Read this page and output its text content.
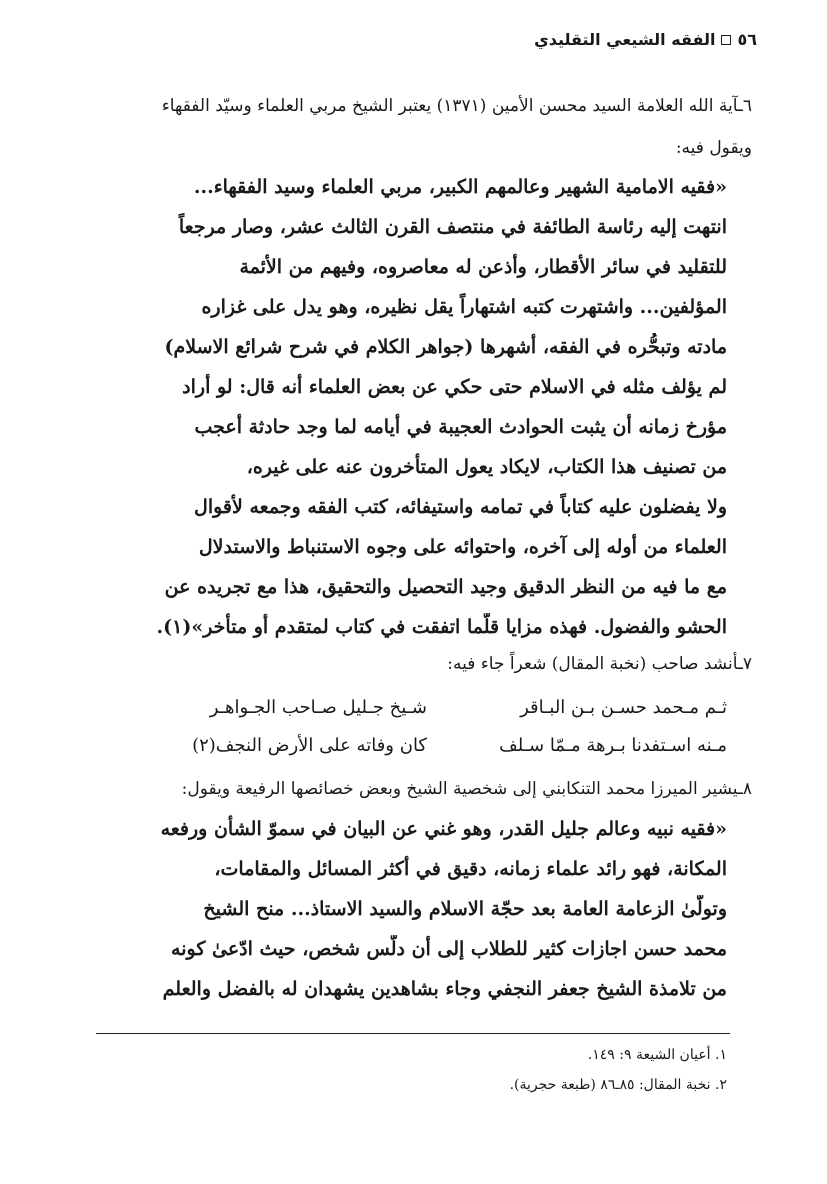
٥٦
الفقه الشيعي التقليدي
٦ـآية الله العلامة السيد محسن الأمين (١٣٧١) يعتبر الشيخ مربي العلماء وسيّد الفقهاء
ويقول فيه:
«فقيه الامامية الشهير وعالمهم الكبير، مربي العلماء وسيد الفقهاء...
انتهت إليه رئاسة الطائفة في منتصف القرن الثالث عشر، وصار مرجعاً
للتقليد في سائر الأقطار، وأذعن له معاصروه، وفيهم من الأئمة
المؤلفين... واشتهرت كتبه اشتهاراً يقل نظيره، وهو يدل على غزاره
مادته وتبحُّره في الفقه، أشهرها (جواهر الكلام في شرح شرائع الاسلام)
لم يؤلف مثله في الاسلام حتى حكي عن بعض العلماء أنه قال: لو أراد
مؤرخ زمانه أن يثبت الحوادث العجيبة في أيامه لما وجد حادثة أعجب
من تصنيف هذا الكتاب، لايكاد يعول المتأخرون عنه على غيره،
ولا يفضلون عليه كتاباً في تمامه واستيفائه، كتب الفقه وجمعه لأقوال
العلماء من أوله إلى آخره، واحتوائه على وجوه الاستنباط والاستدلال
مع ما فيه من النظر الدقيق وجيد التحصيل والتحقيق، هذا مع تجريده عن
الحشو والفضول. فهذه مزايا قلَّما اتفقت في كتاب لمتقدم أو متأخر»(١).
٧ـأنشد صاحب (نخبة المقال) شعراً جاء فيه:
ثـم مـحمد حسـن بـن البـاقر
شـيخ جـليل صـاحب الجـواهـر
مـنه اسـتفدنا بـرهة مـمّا سـلف
كان وفاته على الأرض النجف(٢)
٨ـيشير الميرزا محمد التنكابني إلى شخصية الشيخ وبعض خصائصها الرفيعة ويقول:
«فقيه نبيه وعالم جليل القدر، وهو غني عن البيان في سموّ الشأن ورفعه
المكانة، فهو رائد علماء زمانه، دقيق في أكثر المسائل والمقامات،
وتولّىٰ الزعامة العامة بعد حجّة الاسلام والسيد الاستاذ... منح الشيخ
محمد حسن اجازات كثير للطلاب إلى أن دلّس شخص، حيث ادّعىٰ كونه
من تلامذة الشيخ جعفر النجفي وجاء بشاهدين يشهدان له بالفضل والعلم
١. أعيان الشيعة ٩: ١٤٩.
٢. نخبة المقال: ٨٥ـ٨٦ (طبعة حجرية).
